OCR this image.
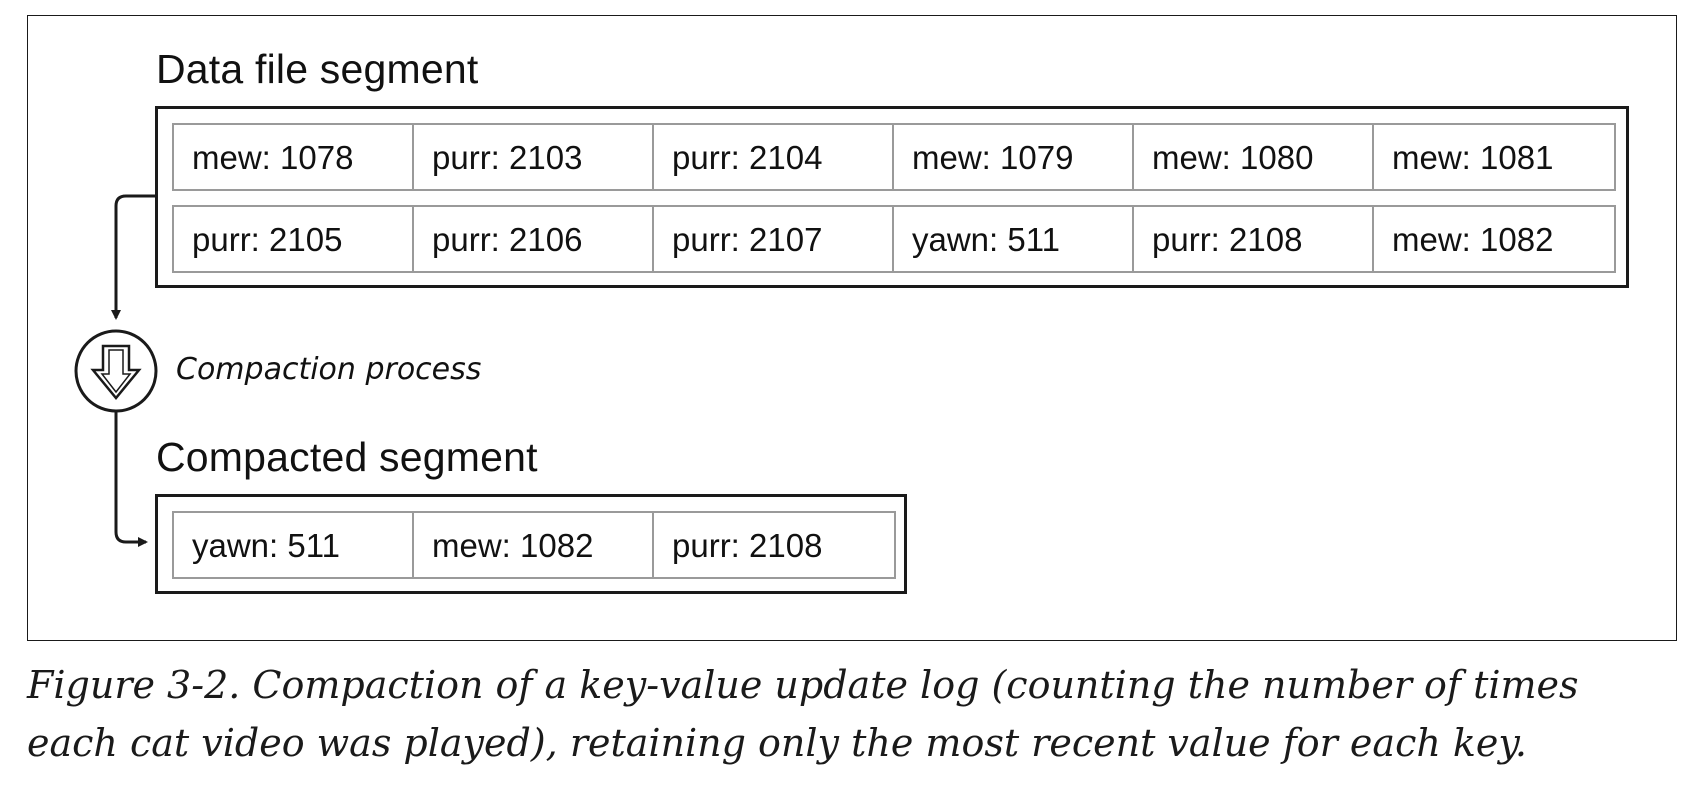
Data file segment
mew: 1078	purr: 2103	purr: 2104	mew: 1079	mew: 1080	mew: 1081
purr: 2105	purr: 2106	purr: 2107	yawn: 511	purr: 2108	mew: 1082
Compaction process
Compacted segment
yawn: 511	mew: 1082	purr: 2108
Figure 3-2. Compaction of a key-value update log (counting the number of times each cat video was played), retaining only the most recent value for each key.
